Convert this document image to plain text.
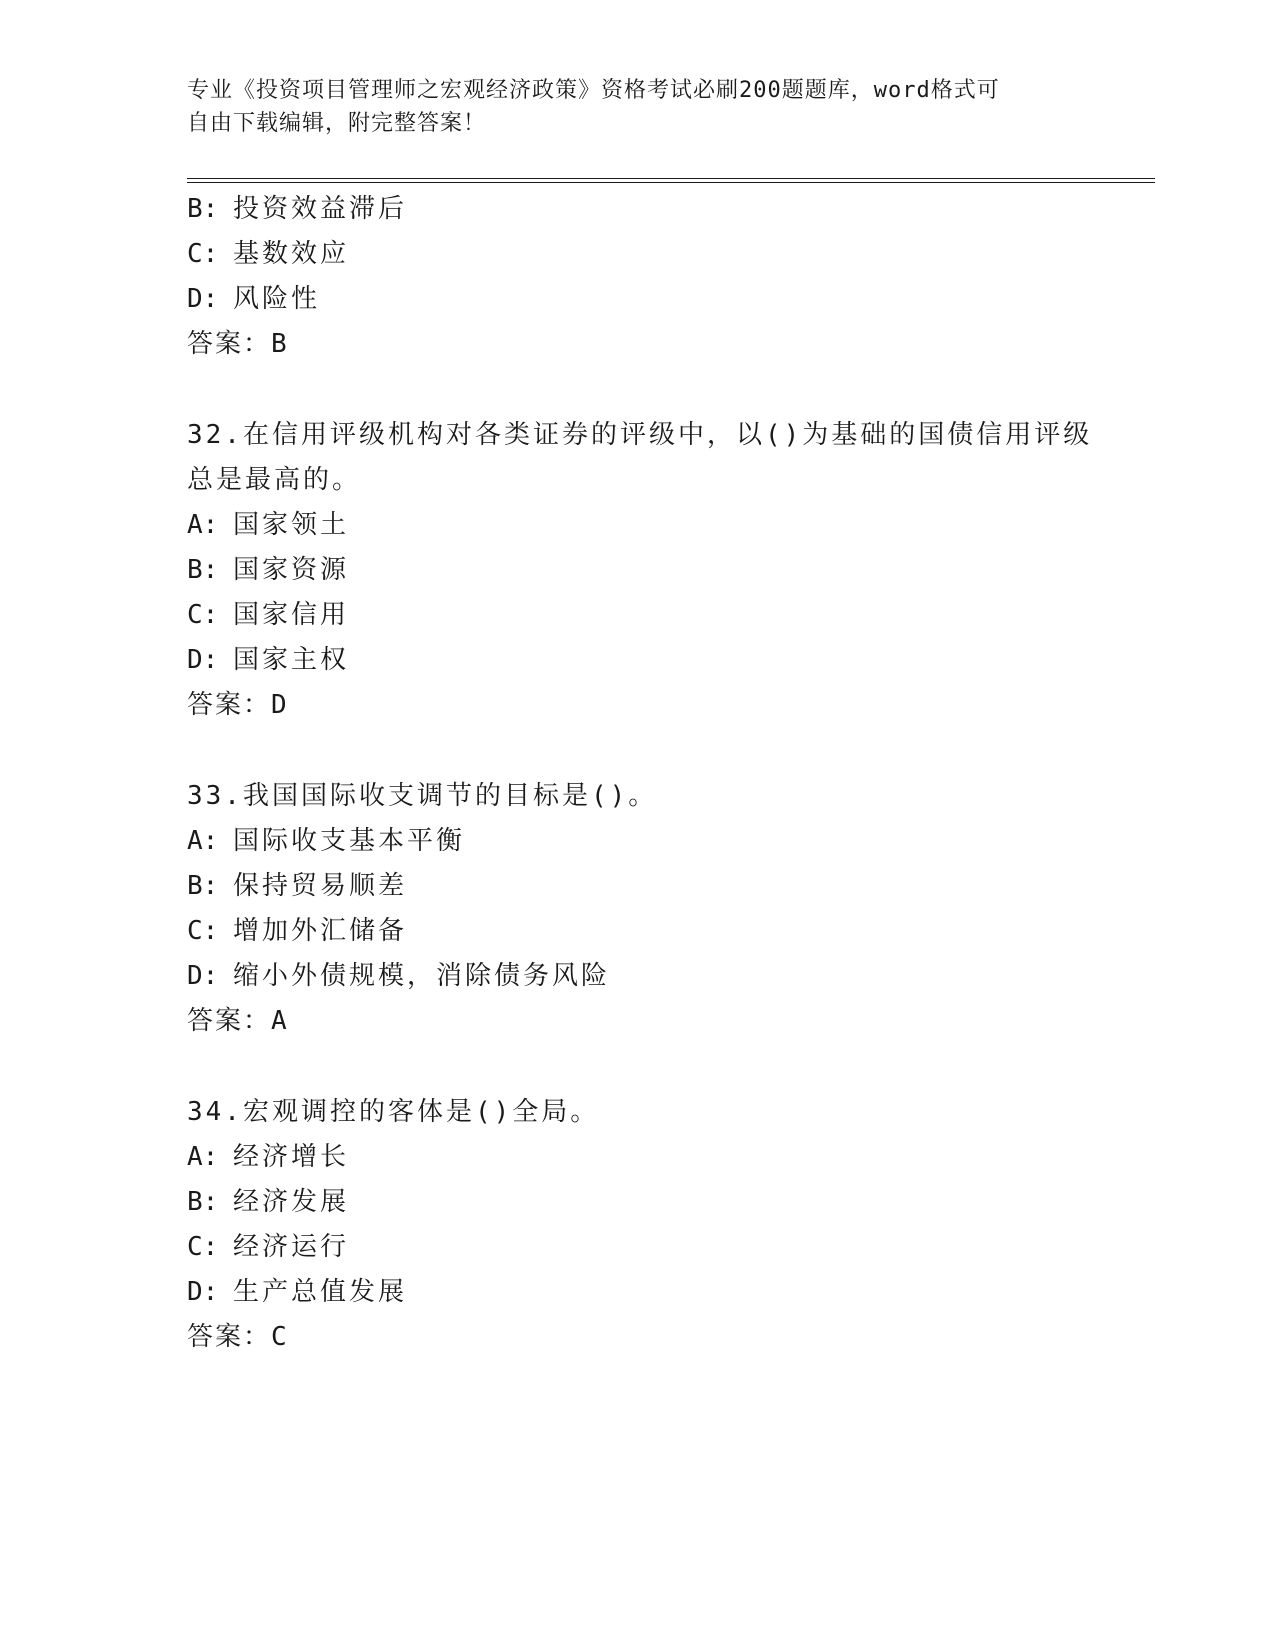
专业《投资项目管理师之宏观经济政策》资格考试必刷200题题库，word格式可
自由下载编辑，附完整答案！
B: 投资效益滞后
C: 基数效应
D: 风险性
答案：B
32.在信用评级机构对各类证券的评级中，以()为基础的国债信用评级
总是最高的。
A: 国家领土
B: 国家资源
C: 国家信用
D: 国家主权
答案：D
33.我国国际收支调节的目标是()。
A: 国际收支基本平衡
B: 保持贸易顺差
C: 增加外汇储备
D: 缩小外债规模，消除债务风险
答案：A
34.宏观调控的客体是()全局。
A: 经济增长
B: 经济发展
C: 经济运行
D: 生产总值发展
答案：C
